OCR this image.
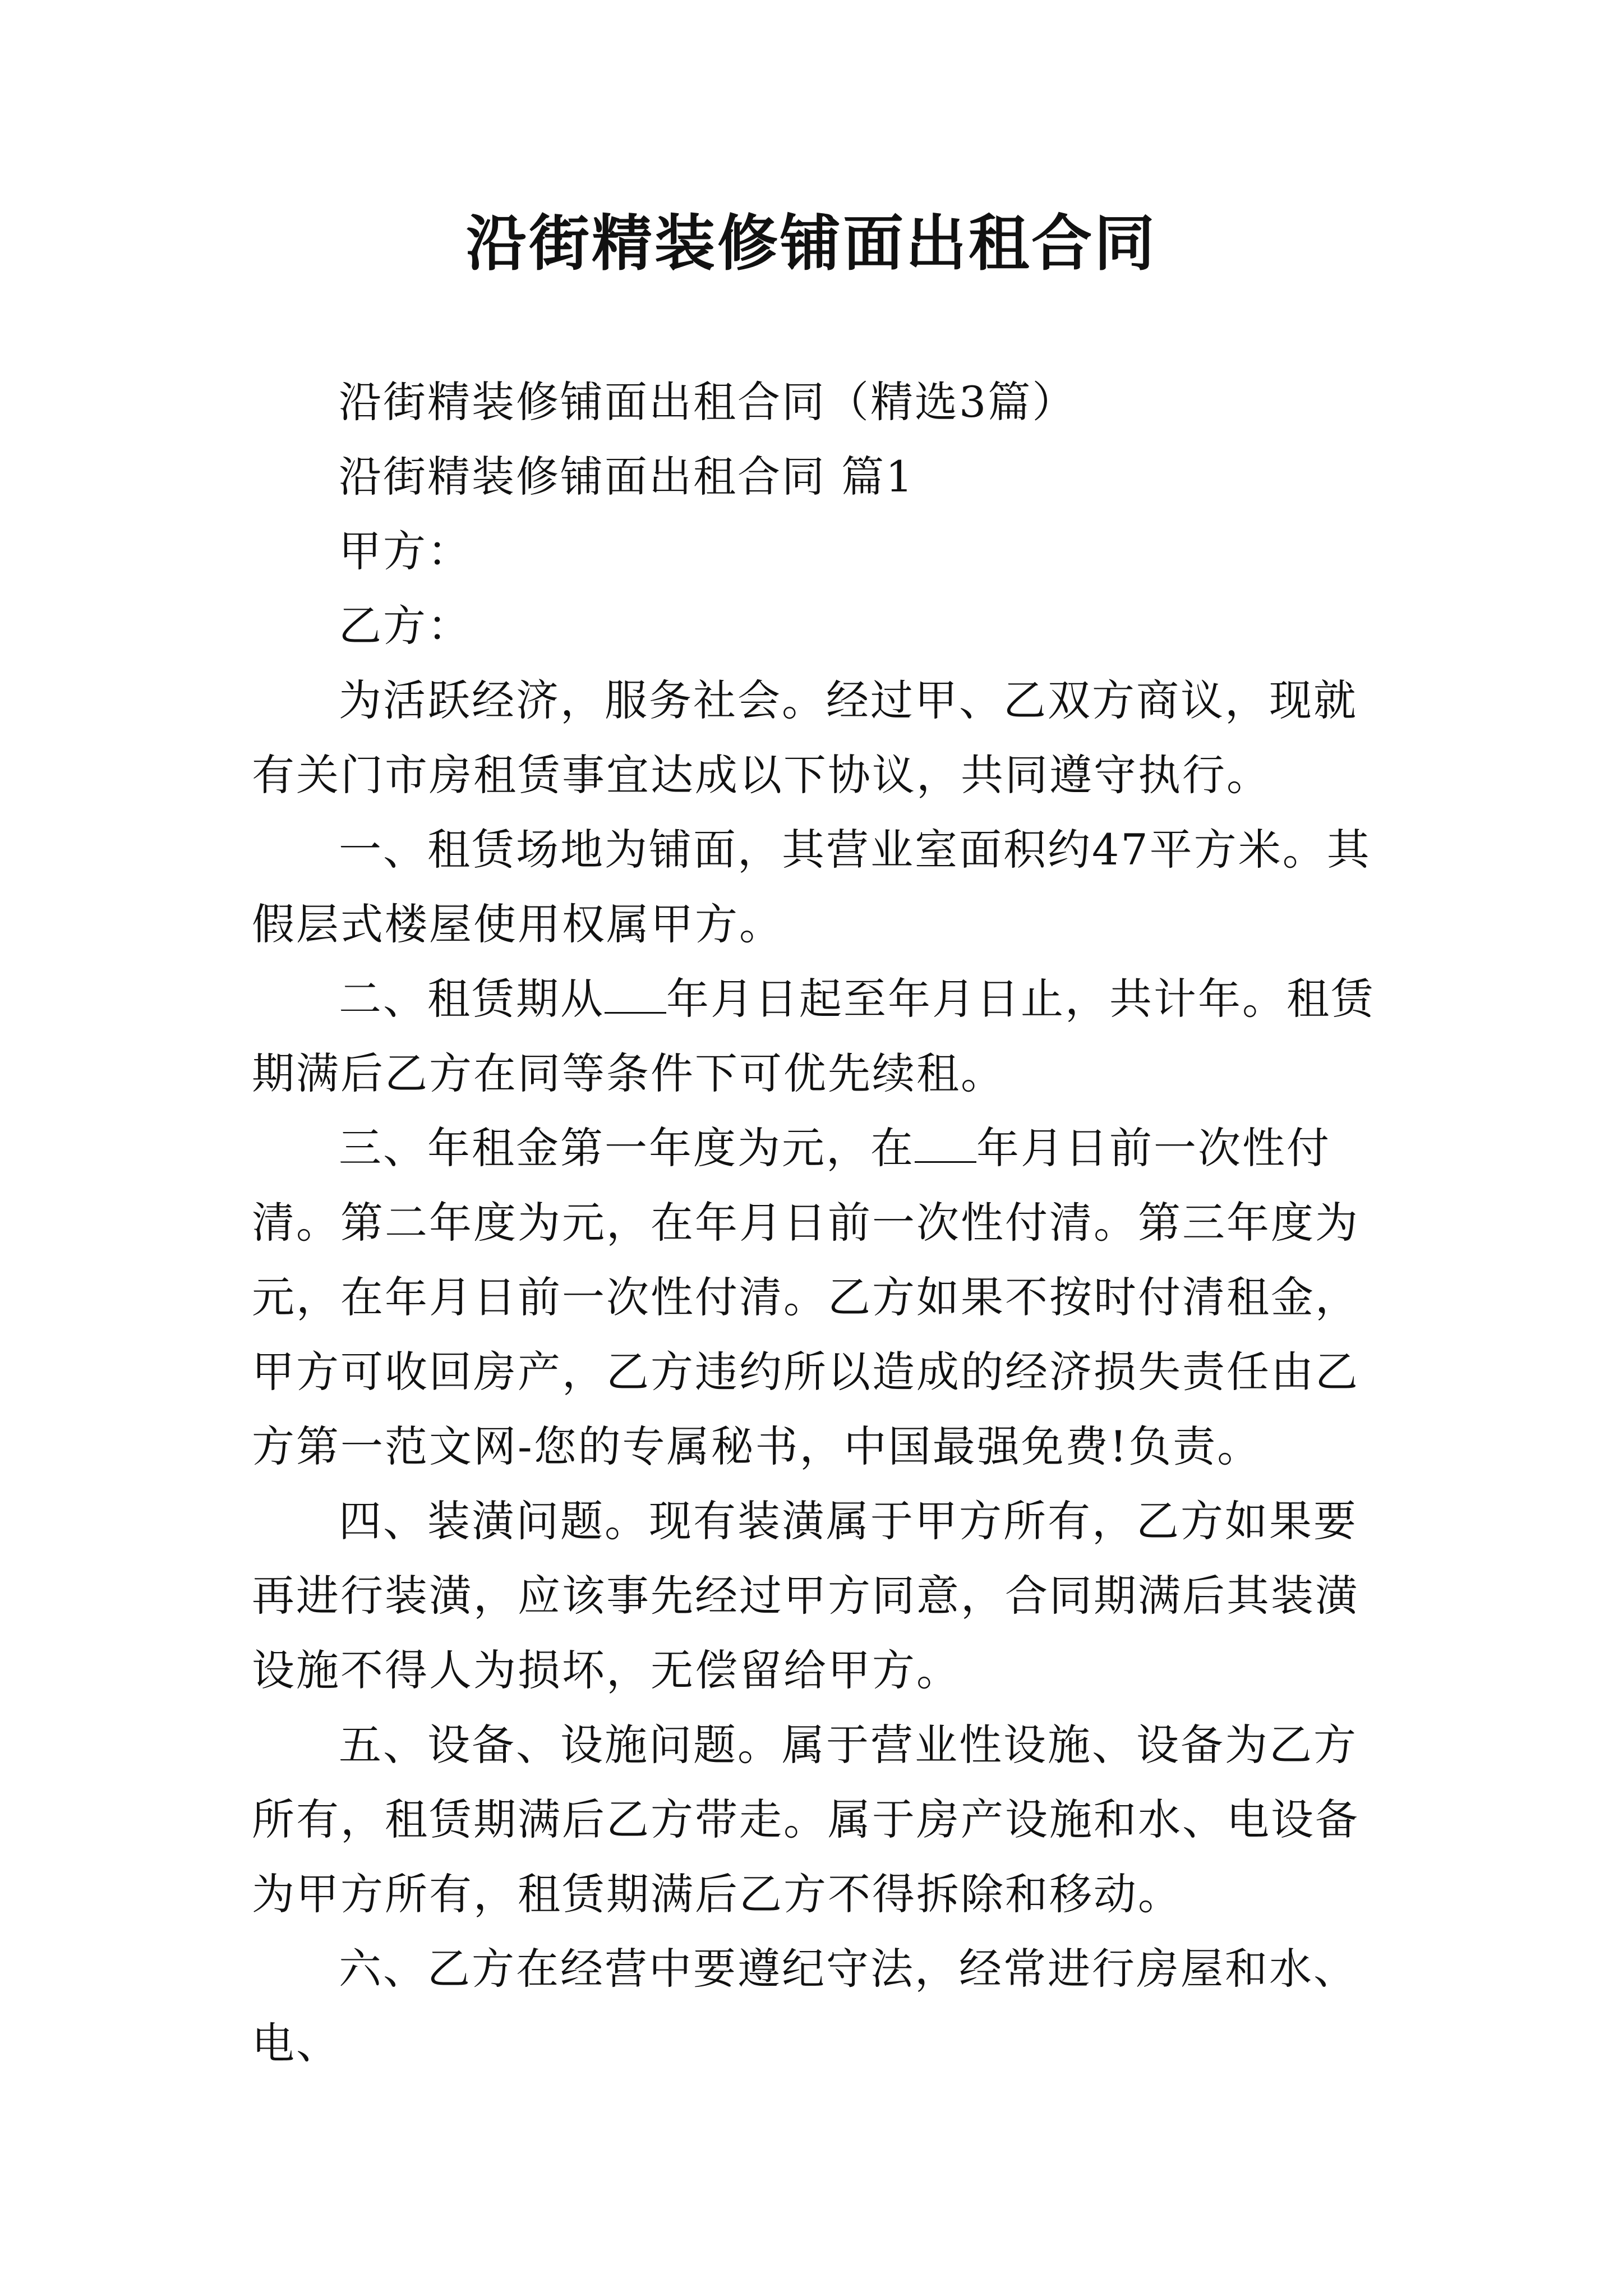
沿街精装修铺面出租合同

沿街精装修铺面出租合同（精选3篇）

沿街精装修铺面出租合同 篇1

甲方：

乙方：

为活跃经济，服务社会。经过甲、乙双方商议，现就有关门市房租赁事宜达成以下协议，共同遵守执行。

一、租赁场地为铺面，其营业室面积约47平方米。其假层式楼屋使用权属甲方。

二、租赁期从 年月日起至年月日止，共计年。租赁期满后乙方在同等条件下可优先续租。

三、年租金第一年度为元，在 年月日前一次性付清。第二年度为元，在年月日前一次性付清。第三年度为元，在年月日前一次性付清。乙方如果不按时付清租金，甲方可收回房产，乙方违约所以造成的经济损失责任由乙方第一范文网-您的专属秘书，中国最强免费!负责。

四、装潢问题。现有装潢属于甲方所有，乙方如果要再进行装潢，应该事先经过甲方同意，合同期满后其装潢设施不得人为损坏，无偿留给甲方。

五、设备、设施问题。属于营业性设施、设备为乙方所有，租赁期满后乙方带走。属于房产设施和水、电设备为甲方所有，租赁期满后乙方不得拆除和移动。

六、乙方在经营中要遵纪守法，经常进行房屋和水、电、
